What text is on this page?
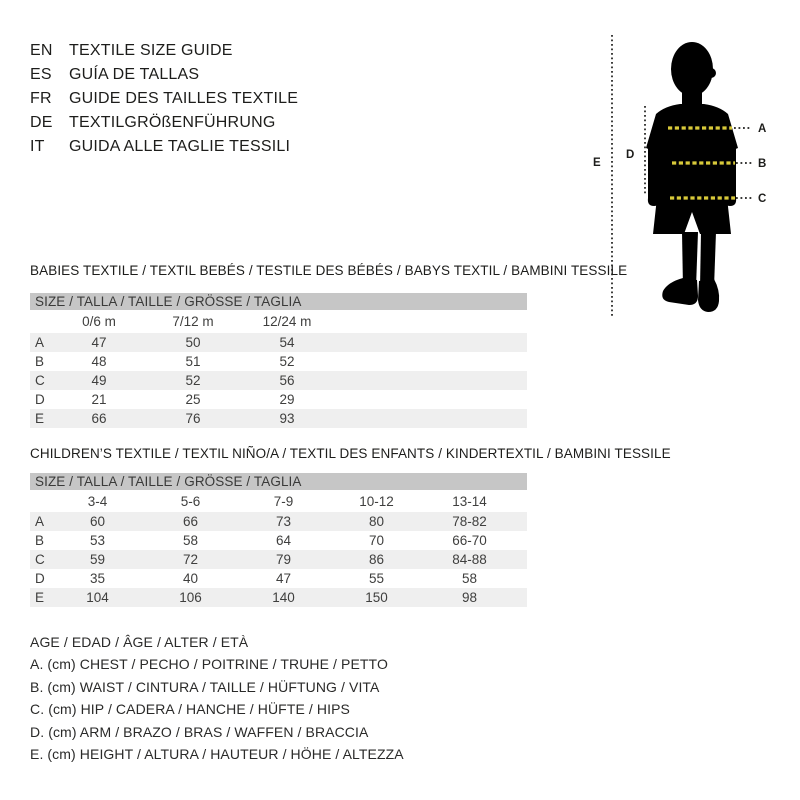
EN	TEXTILE SIZE GUIDE
ES	GUÍA DE TALLAS
FR	GUIDE DES TAILLES TEXTILE
DE	TEXTILGRÖßENFÜHRUNG
IT	GUIDA ALLE TAGLIE TESSILI
E
D
A
B
C
BABIES TEXTILE / TEXTIL BEBÉS / TESTILE DES BÉBÉS / BABYS TEXTIL / BAMBINI TESSILE
SIZE / TALLA / TAILLE / GRÖSSE / TAGLIA
	0/6 m	7/12 m	12/24 m	
A	47	50	54	
B	48	51	52	
C	49	52	56	
D	21	25	29	
E	66	76	93	
CHILDREN’S TEXTILE / TEXTIL NIÑO/A / TEXTIL DES ENFANTS / KINDERTEXTIL / BAMBINI TESSILE
SIZE / TALLA / TAILLE / GRÖSSE / TAGLIA
	3-4	5-6	7-9	10-12	13-14	
A	60	66	73	80	78-82	
B	53	58	64	70	66-70	
C	59	72	79	86	84-88	
D	35	40	47	55	58	
E	104	106	140	150	98	
AGE / EDAD / ÂGE / ALTER / ETÀ
A. (cm) CHEST / PECHO / POITRINE / TRUHE / PETTO
B. (cm) WAIST / CINTURA / TAILLE / HÜFTUNG / VITA
C. (cm) HIP / CADERA / HANCHE / HÜFTE / HIPS
D. (cm) ARM / BRAZO / BRAS / WAFFEN / BRACCIA
E. (cm) HEIGHT / ALTURA / HAUTEUR / HÖHE / ALTEZZA
